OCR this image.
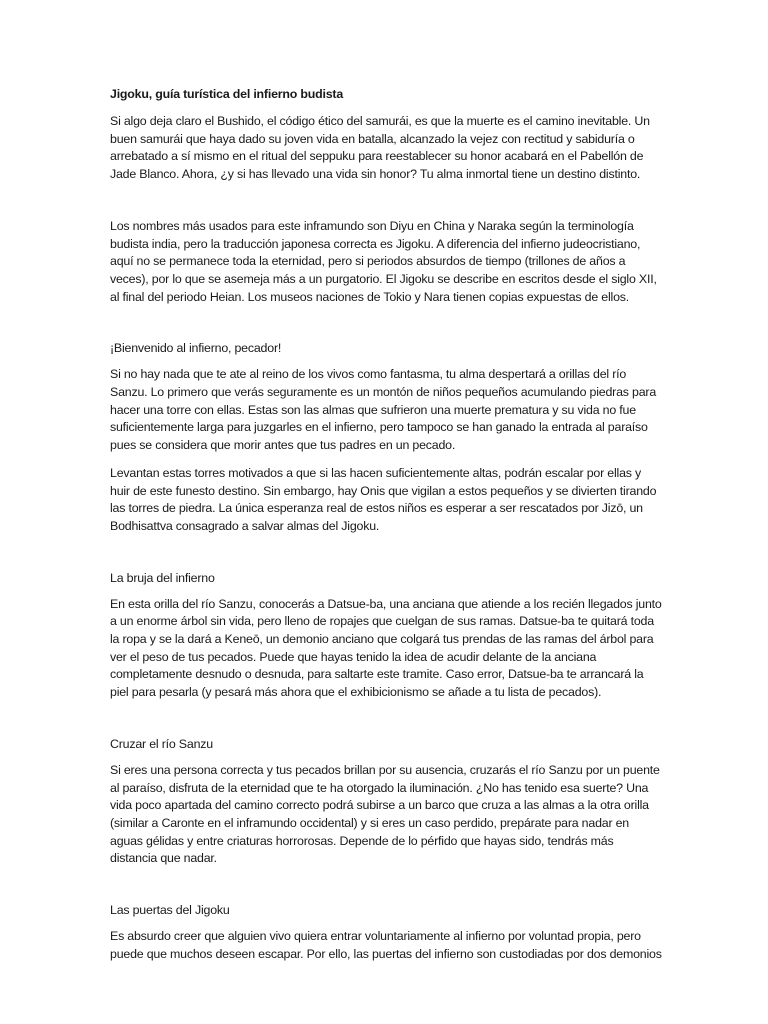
Jigoku, guía turística del infierno budista

Si algo deja claro el Bushido, el código ético del samurái, es que la muerte es el camino inevitable. Un buen samurái que haya dado su joven vida en batalla, alcanzado la vejez con rectitud y sabiduría o arrebatado a sí mismo en el ritual del seppuku para reestablecer su honor acabará en el Pabellón de Jade Blanco. Ahora, ¿y si has llevado una vida sin honor? Tu alma inmortal tiene un destino distinto.

Los nombres más usados para este inframundo son Diyu en China y Naraka según la terminología budista india, pero la traducción japonesa correcta es Jigoku. A diferencia del infierno judeocristiano, aquí no se permanece toda la eternidad, pero si periodos absurdos de tiempo (trillones de años a veces), por lo que se asemeja más a un purgatorio. El Jigoku se describe en escritos desde el siglo XII, al final del periodo Heian. Los museos naciones de Tokio y Nara tienen copias expuestas de ellos.

¡Bienvenido al infierno, pecador!

Si no hay nada que te ate al reino de los vivos como fantasma, tu alma despertará a orillas del río Sanzu. Lo primero que verás seguramente es un montón de niños pequeños acumulando piedras para hacer una torre con ellas. Estas son las almas que sufrieron una muerte prematura y su vida no fue suficientemente larga para juzgarles en el infierno, pero tampoco se han ganado la entrada al paraíso pues se considera que morir antes que tus padres en un pecado.

Levantan estas torres motivados a que si las hacen suficientemente altas, podrán escalar por ellas y huir de este funesto destino. Sin embargo, hay Onis que vigilan a estos pequeños y se divierten tirando las torres de piedra. La única esperanza real de estos niños es esperar a ser rescatados por Jizō, un Bodhisattva consagrado a salvar almas del Jigoku.

La bruja del infierno

En esta orilla del río Sanzu, conocerás a Datsue-ba, una anciana que atiende a los recién llegados junto a un enorme árbol sin vida, pero lleno de ropajes que cuelgan de sus ramas. Datsue-ba te quitará toda la ropa y se la dará a Keneō, un demonio anciano que colgará tus prendas de las ramas del árbol para ver el peso de tus pecados. Puede que hayas tenido la idea de acudir delante de la anciana completamente desnudo o desnuda, para saltarte este tramite. Caso error, Datsue-ba te arrancará la piel para pesarla (y pesará más ahora que el exhibicionismo se añade a tu lista de pecados).

Cruzar el río Sanzu

Si eres una persona correcta y tus pecados brillan por su ausencia, cruzarás el río Sanzu por un puente al paraíso, disfruta de la eternidad que te ha otorgado la iluminación. ¿No has tenido esa suerte? Una vida poco apartada del camino correcto podrá subirse a un barco que cruza a las almas a la otra orilla (similar a Caronte en el inframundo occidental) y si eres un caso perdido, prepárate para nadar en aguas gélidas y entre criaturas horrorosas. Depende de lo pérfido que hayas sido, tendrás más distancia que nadar.

Las puertas del Jigoku

Es absurdo creer que alguien vivo quiera entrar voluntariamente al infierno por voluntad propia, pero puede que muchos deseen escapar. Por ello, las puertas del infierno son custodiadas por dos demonios
